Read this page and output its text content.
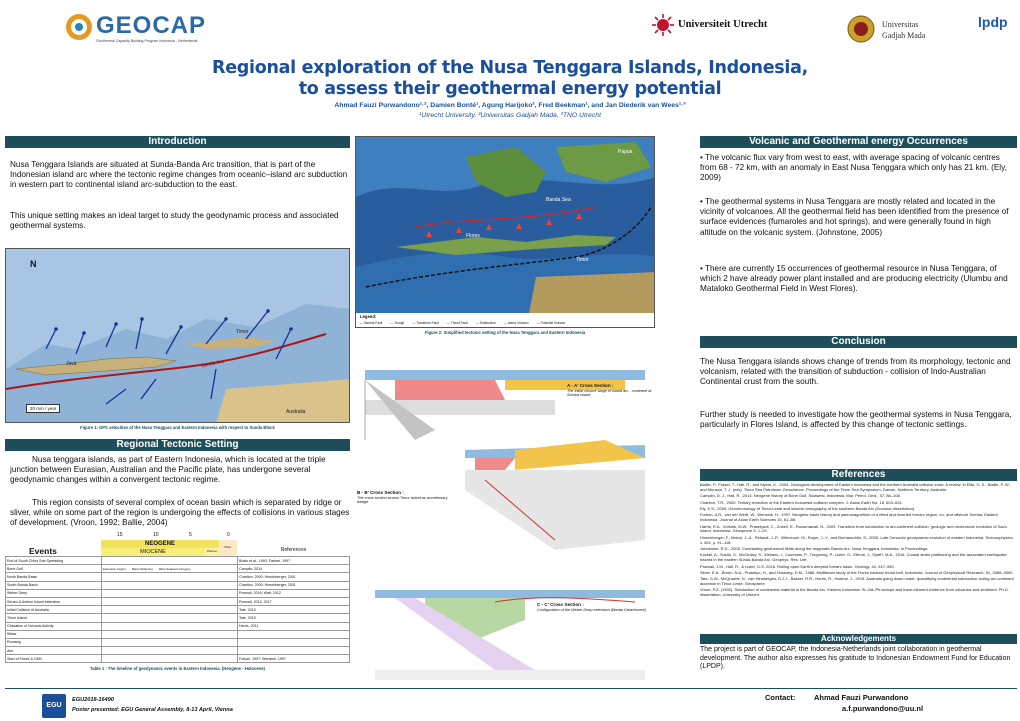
GEOCAP
Geothermal Capacity Building Program Indonesia - Netherlands
Universiteit Utrecht	Universitas
Gadjah Mada
lpdp
Regional exploration of the Nusa Tenggara Islands, Indonesia,
to assess their geothermal energy potential
Ahmad Fauzi Purwandono¹·², Damien Bonté¹, Agung Harijoko², Fred Beekman¹, and Jan Diederik van Wees¹·³
¹Utrecht University, ²Universitas Gadjah Mada, ³TNO Utrecht
Introduction
Nusa Tenggara Islands are situated at Sunda-Banda Arc transition, that is part of the Indonesian island arc where the tectonic regime changes from oceanic–island arc subduction in western part to continental island arc-subduction to the east.
This unique setting makes an ideal target to study the geodynamic process and associated geothermal systems.
N
Sunda Arc
Java
Timor
Australia
20 mm / year
Figure 1: GPS velocities of the Nusa Tenggara and Eastern Indonesia with respect to Sunda Block
Regional Tectonic Setting
Nusa tenggara islands, as part of Eastern Indonesia, which is located at the triple junction between Eurasian, Australian and the Pacific plate, has undergone several geodynamic changes within a convergent tectonic regime.
This region consists of several complex of ocean basin which is separated by ridge or sliver, while on some part of the region is undergoing the effects of collisions in various stages of development. (Vroon, 1992; Ballie, 2004)
Events
NEOGENE
MIOCENE	Pliocene
Pleist.
15	10	5	0
References
End of South China Sea Spreading		Briais et al., 1993; Farhan, 1997
Bone Gulf	Extension begins Basin Widening West Sulawesi Orogeny	Camplin, 2014
North Banda Basin		Charlton, 2000; Hinschberger, 2001
South Banda Basin		Charlton, 2000; Hinschberger, 2001
Weber Deep		Pownall, 2016; Watt, 2012
Seram & Ambon Island extension		Pownall, 2014, 2017
Initial Collision of Australia		Tate, 2015
Timor Island		Tate, 2015
Cessation of Volcanic Activity		Harris, 2011
Wetar		
Romang		
Alor		
Start of Flores & ODB		Fortuin, 1997; Wensink, 1997
Table 1 : The timeline of geodynamic events in Eastern Indonesia. (Neogene - Holocene)
Banda Sea
Flores
Timor
Papua
Legend:
— Normal Fault	— Trough	— Transform Fault	— Thrust Fault	— Subduction	— Active Volcano	— Potential Volcano
Figure 2: Simplified tectonic setting of the Nusa Tenggara and Eastern Indonesia
A - A' Cross Section :
The initial closure stage of island arc - continent at Sumba Island
B - B' Cross Section :
The cross section across Timor island as accretionary wedge
C - C' Cross Section :
Configuration of the Weber Deep extension (Banda Detachment)
Volcanic and Geothermal energy Occurrences
• The volcanic flux vary from west to east, with average spacing of volcanic centres from 68 - 72 km, with an anomaly in East Nusa Tenggara which only has 21 km. (Ely, 2009)
• The geothermal systems in Nusa Tenggara are mostly related and located in the vicinity of volcanoes. All the geothermal field has been identified from the presence of surface evidences (fumaroles and hot springs), and were generally found in high altitude on the volcanic system. (Johnstone, 2005)
• There are currently 15 occurrences of geothermal resource in Nusa Tenggara, of which 2 have already power plant installed and are producing electricity (Ulumbu and Mataloko Geothermal Field in West Flores).
Conclusion
The Nusa Tenggara islands shows change of trends from its morphology, tectonic and volcanism, related with the transition of subduction - collision of Indo-Australian Continental crust from the south.
Further study is needed to investigate how the geothermal systems in Nusa Tenggara, particularly in Flores Island, is affected by this change of tectonic settings.
References
Baillie, P., Fraser, T., Hall, R., and Myers, K., 2004. Geological development of Eastern Indonesia and the northern Australia collision zone: A review. In Ellis, G. K., Baillie, P. W., and Munson, T. J. (eds). Timor Sea Petroleum Geoscience. Proceedings of the Timor Sea Symposium, Darwin, Northern Territory, Australia.
Camplin, D. J., Hall, R., 2014. Neogene history of Bone Gulf, Sulawesi, Indonesia. Mar. Petrol. Geol., 57, 88–108.
Charlton, T.R., 2000. Tertiary evolution of the Eastern Indonesia collision complex. J. Asian Earth Sci. 18, 603–631.
Ely, K.S., 2009. Geochronology of Timor-Leste and seismic tomography of the southern Banda Arc (Doctoral dissertation).
Fortuin, A.R., van der Werff, W., Wensink, H., 1997. Neogene basin history and paleomagnetism of a rifted and inverted forearc region, on- and offshore Sumba, Eastern Indonesia. Journal of Asian Earth Sciences 15, 61–88.
Harris, R.A., Vorkink, M.W., Prasetyadi, C., Zobell, E., Roosmawati, N., 2009. Transition from subduction to arc-continent collision: geologic and neotectonic evolution of Savu Island, Indonesia. Geosphere 5, 1–20.
Hinschberger, F., Malod, J.-A., Réhault, J.-P., Villeneuve, M., Royer, J.-Y., and Burhanuddin, S., 2005. Late Cenozoic geodynamic evolution of eastern Indonesia. Tectonophysics, v. 404, p. 91–118.
Johnstone, R.D., 2005. Contrasting geothermal fields along the magmatic Banda Arc, Nusa Tenggara, Indonesia. In Proceedings.
Koulali, A., Susilo, S., McClusky, S., Meilano, I., Cummins, P., Tregoning, P., Lister, G., Efendi, J., Syafi'i, M.A., 2016. Crustal strain partitioning and the associated earthquake hazard in the eastern Sunda-Banda Arc. Geophys. Res. Lett.
Pownall, J.M., Hall, R., & Lister, G.S. 2016. Rolling open Earth's deepest forearc basin. Geology, 44, 947–950.
Silver, E.A., Breen, N.A., Prasetyo, H., and Hussong, D.M., 1986. Multibeam study of the Flores backarc thrust belt, Indonesia. Journal of Geophysical Research, 91, 3489–3500.
Tate, G.W., McQuarrie, N., van Hinsbergen, D.J.J., Bakker, R.R., Harris, R., Haishui, J., 2015. Australia going down under: quantifying continental subduction during arc-continent accretion in Timor-Leste. Geosphere.
Vroon, P.Z. (1992). Subduction of continental material in the Banda Arc, Eastern Indonesia: Sr–Nd–Pb isotope and trace-element evidence from volcanics and sediment. Ph.D. dissertation, University of Utrecht.
Acknowledgements
The project is part of GEOCAP, the Indonesia-Netherlands joint collaboration in geothermal development. The author also expresses his gratitude to Indonesian Endowment Fund for Education (LPDP).
EGU
EGU2018-16490
Poster presented: EGU General Assembly, 8-13 April, Vienna
Contact: Ahmad Fauzi Purwandono
a.f.purwandono@uu.nl
